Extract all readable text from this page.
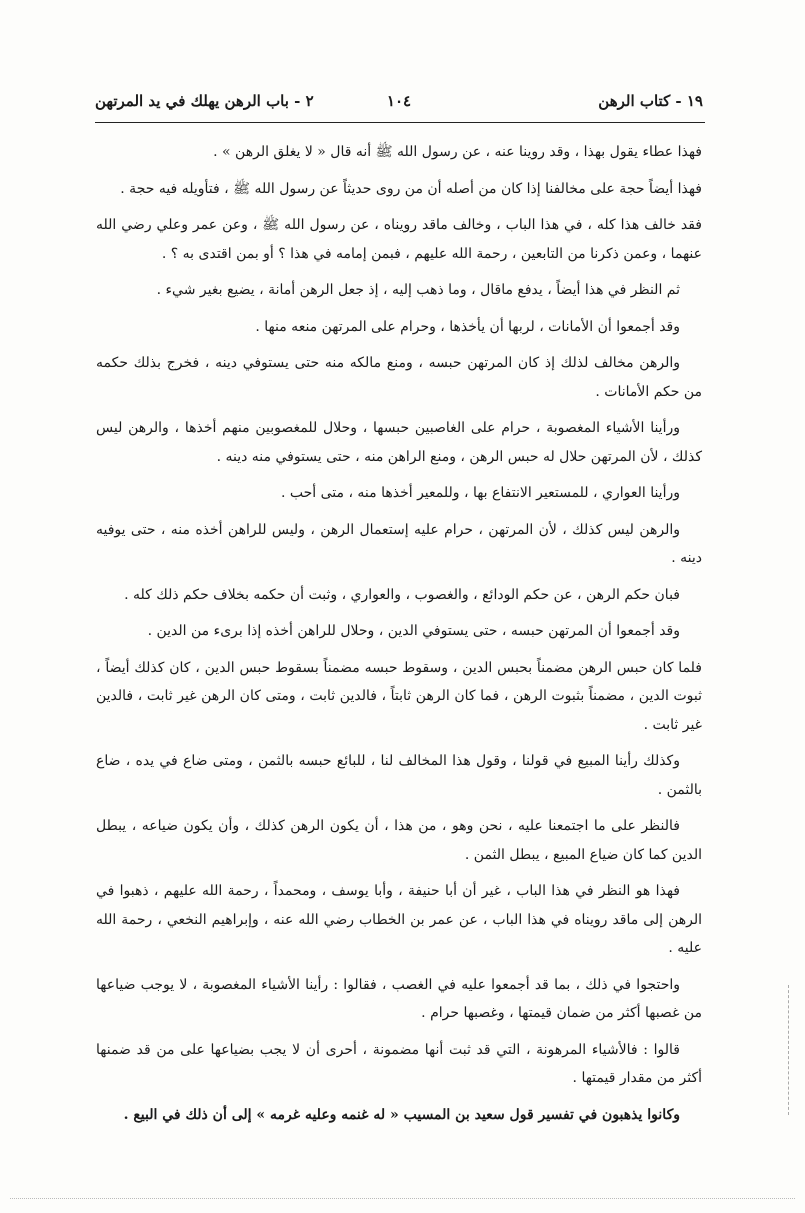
١٩ - كتاب الرهن
١٠٤
٢ - باب الرهن يهلك في يد المرتهن

فهذا عطاء يقول بهذا ، وقد روينا عنه ، عن رسول الله ﷺ أنه قال « لا يغلق الرهن » .

فهذا أيضاً حجة على مخالفنا إذا كان من أصله أن من روى حديثاً عن رسول الله ﷺ ، فتأويله فيه حجة .

فقد خالف هذا كله ، في هذا الباب ، وخالف ماقد رويناه ، عن رسول الله ﷺ ، وعن عمر وعلي رضي الله عنهما ، وعمن ذكرنا من التابعين ، رحمة الله عليهم ، فبمن إمامه في هذا ؟ أو بمن اقتدى به ؟ .

ثم النظر في هذا أيضاً ، يدفع ماقال ، وما ذهب إليه ، إذ جعل الرهن أمانة ، يضيع بغير شيء .

وقد أجمعوا أن الأمانات ، لربها أن يأخذها ، وحرام على المرتهن منعه منها .

والرهن مخالف لذلك إذ كان المرتهن حبسه ، ومنع مالكه منه حتى يستوفي دينه ، فخرج بذلك حكمه من حكم الأمانات .

ورأينا الأشياء المغصوبة ، حرام على الغاصبين حبسها ، وحلال للمغصوبين منهم أخذها ، والرهن ليس كذلك ، لأن المرتهن حلال له حبس الرهن ، ومنع الراهن منه ، حتى يستوفي منه دينه .

ورأينا العواري ، للمستعير الانتفاع بها ، وللمعير أخذها منه ، متى أحب .

والرهن ليس كذلك ، لأن المرتهن ، حرام عليه إستعمال الرهن ، وليس للراهن أخذه منه ، حتى يوفيه دينه .

فبان حكم الرهن ، عن حكم الودائع ، والغصوب ، والعواري ، وثبت أن حكمه بخلاف حكم ذلك كله .

وقد أجمعوا أن المرتهن حبسه ، حتى يستوفي الدين ، وحلال للراهن أخذه إذا برىء من الدين .

فلما كان حبس الرهن مضمناً بحبس الدين ، وسقوط حبسه مضمناً بسقوط حبس الدين ، كان كذلك أيضاً ، ثبوت الدين ، مضمناً بثبوت الرهن ، فما كان الرهن ثابتاً ، فالدين ثابت ، ومتى كان الرهن غير ثابت ، فالدين غير ثابت .

وكذلك رأينا المبيع في قولنا ، وقول هذا المخالف لنا ، للبائع حبسه بالثمن ، ومتى ضاع في يده ، ضاع بالثمن .

فالنظر على ما اجتمعنا عليه ، نحن وهو ، من هذا ، أن يكون الرهن كذلك ، وأن يكون ضياعه ، يبطل الدين كما كان ضياع المبيع ، يبطل الثمن .

فهذا هو النظر في هذا الباب ، غير أن أبا حنيفة ، وأبا يوسف ، ومحمداً ، رحمة الله عليهم ، ذهبوا في الرهن إلى ماقد رويناه في هذا الباب ، عن عمر بن الخطاب رضي الله عنه ، وإبراهيم النخعي ، رحمة الله عليه .

واحتجوا في ذلك ، بما قد أجمعوا عليه في الغصب ، فقالوا : رأينا الأشياء المغصوبة ، لا يوجب ضياعها من غصبها أكثر من ضمان قيمتها ، وغصبها حرام .

قالوا : فالأشياء المرهونة ، التي قد ثبت أنها مضمونة ، أحرى أن لا يجب بضياعها على من قد ضمنها أكثر من مقدار قيمتها .

وكانوا يذهبون في تفسير قول سعيد بن المسيب « له غنمه وعليه غرمه » إلى أن ذلك في البيع .
